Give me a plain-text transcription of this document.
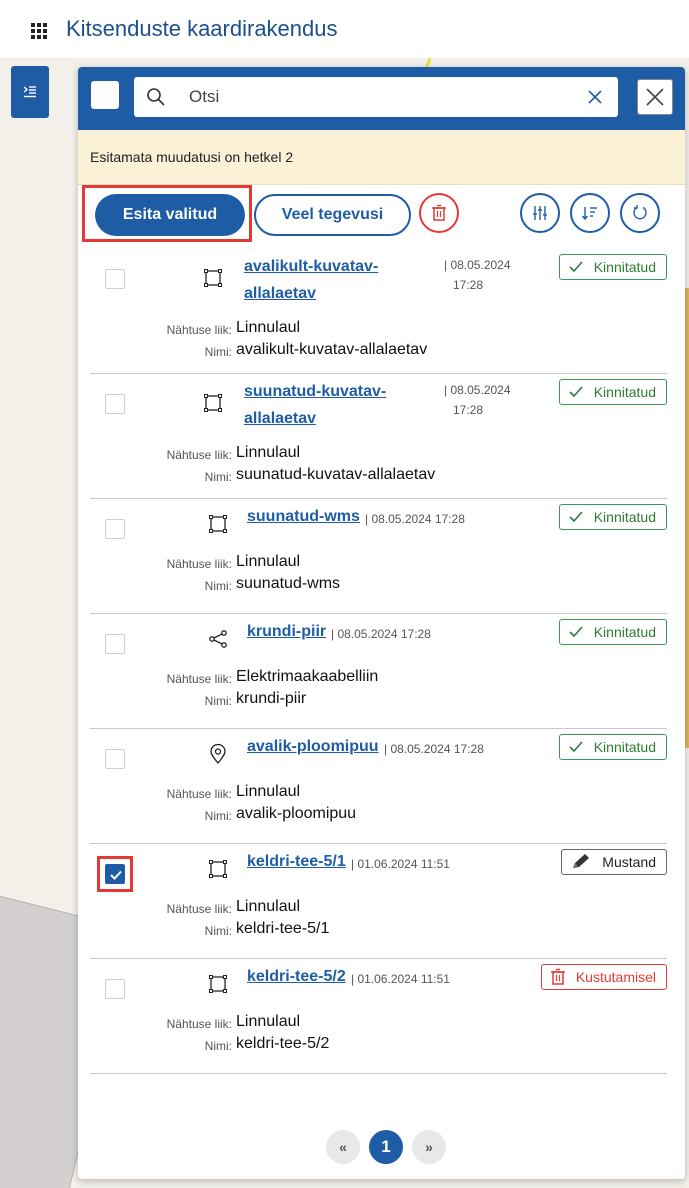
Kitsenduste kaardirakendus
Otsi
Esitamata muudatusi on hetkel 2
Esita valitud	Veel tegevusi
avalikult-kuvatav-
allalaetav
| 08.05.2024
17:28
Kinnitatud
Nähtuse liik: Linnulaul
Nimi: avalikult-kuvatav-allalaetav
suunatud-kuvatav-
allalaetav
| 08.05.2024
17:28
Kinnitatud
Nähtuse liik: Linnulaul
Nimi: suunatud-kuvatav-allalaetav
suunatud-wms	Kinnitatud
Nähtuse liik: Linnulaul
Nimi: suunatud-wms
| 08.05.2024 17:28
krundi-piir	Kinnitatud
Nähtuse liik: Elektrimaakaabelliin
Nimi: krundi-piir
| 08.05.2024 17:28
avalik-ploomipuu	Kinnitatud
Nähtuse liik: Linnulaul
Nimi: avalik-ploomipuu
| 08.05.2024 17:28
keldri-tee-5/1	Mustand
Nähtuse liik: Linnulaul
Nimi: keldri-tee-5/1
| 01.06.2024 11:51
keldri-tee-5/2	Kustutamisel
Nähtuse liik: Linnulaul
Nimi: keldri-tee-5/2
| 01.06.2024 11:51
«	1	»
